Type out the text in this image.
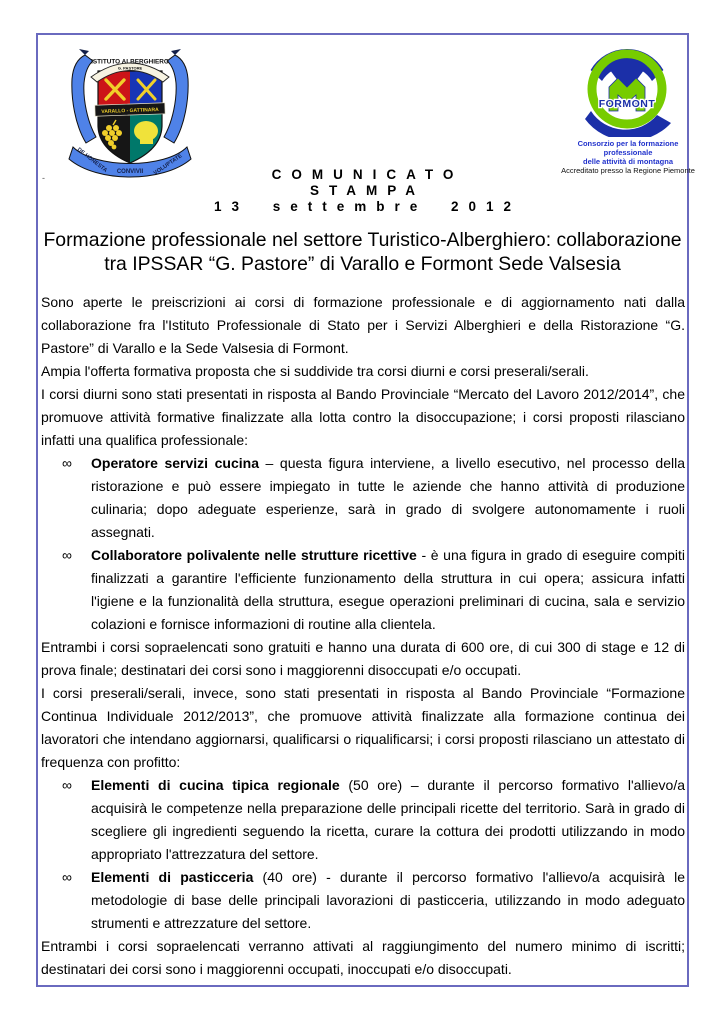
VARALLO - GATTINARA
ISTITUTO ALBERGHIERO
G. PASTORE
DE HONESTA CONVIVII VOLUPTATE
FORMONT
Consorzio per la formazione professionale
delle attività di montagna
Accreditato presso la Regione Piemonte
-	COMUNICATO
STAMPA
13 settembre 2012
Formazione professionale nel settore Turistico-Alberghiero: collaborazione tra IPSSAR “G. Pastore” di Varallo e Formont Sede Valsesia

Sono aperte le preiscrizioni ai corsi di formazione professionale e di aggiornamento nati dalla collaborazione fra l'Istituto Professionale di Stato per i Servizi Alberghieri e della Ristorazione “G. Pastore” di Varallo e la Sede Valsesia di Formont.

Ampia l'offerta formativa proposta che si suddivide tra corsi diurni e corsi preserali/serali.

I corsi diurni sono stati presentati in risposta al Bando Provinciale “Mercato del Lavoro 2012/2014”, che promuove attività formative finalizzate alla lotta contro la disoccupazione; i corsi proposti rilasciano infatti una qualifica professionale:

∞ Operatore servizi cucina – questa figura interviene, a livello esecutivo, nel processo della ristorazione e può essere impiegato in tutte le aziende che hanno attività di produzione culinaria; dopo adeguate esperienze, sarà in grado di svolgere autonomamente i ruoli assegnati.
∞ Collaboratore polivalente nelle strutture ricettive - è una figura in grado di eseguire compiti finalizzati a garantire l'efficiente funzionamento della struttura in cui opera; assicura infatti l'igiene e la funzionalità della struttura, esegue operazioni preliminari di cucina, sala e servizio colazioni e fornisce informazioni di routine alla clientela.

Entrambi i corsi sopraelencati sono gratuiti e hanno una durata di 600 ore, di cui 300 di stage e 12 di prova finale; destinatari dei corsi sono i maggiorenni disoccupati e/o occupati.

I corsi preserali/serali, invece, sono stati presentati in risposta al Bando Provinciale “Formazione Continua Individuale 2012/2013”, che promuove attività finalizzate alla formazione continua dei lavoratori che intendano aggiornarsi, qualificarsi o riqualificarsi; i corsi proposti rilasciano un attestato di frequenza con profitto:

∞ Elementi di cucina tipica regionale (50 ore) – durante il percorso formativo l'allievo/a acquisirà le competenze nella preparazione delle principali ricette del territorio. Sarà in grado di scegliere gli ingredienti seguendo la ricetta, curare la cottura dei prodotti utilizzando in modo appropriato l'attrezzatura del settore.
∞ Elementi di pasticceria (40 ore) - durante il percorso formativo l'allievo/a acquisirà le metodologie di base delle principali lavorazioni di pasticceria, utilizzando in modo adeguato strumenti e attrezzature del settore.

Entrambi i corsi sopraelencati verranno attivati al raggiungimento del numero minimo di iscritti; destinatari dei corsi sono i maggiorenni occupati, inoccupati e/o disoccupati.
